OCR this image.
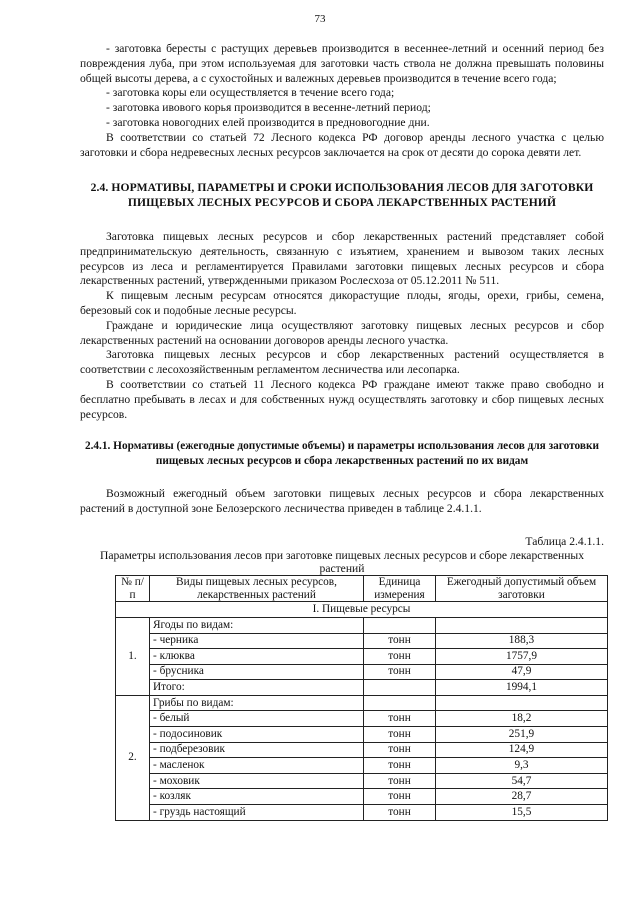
73

- заготовка бересты с растущих деревьев производится в весеннее-летний и осенний период без повреждения луба, при этом используемая для заготовки часть ствола не должна превышать половины общей высоты дерева, а с сухостойных и валежных деревьев производится в течение всего года;

- заготовка коры ели осуществляется в течение всего года;

- заготовка ивового корья производится в весенне-летний период;

- заготовка новогодних елей производится в предновогодние дни.

В соответствии со статьей 72 Лесного кодекса РФ договор аренды лесного участка с целью заготовки и сбора недревесных лесных ресурсов заключается на срок от десяти до сорока девяти лет.

2.4. НОРМАТИВЫ, ПАРАМЕТРЫ И СРОКИ ИСПОЛЬЗОВАНИЯ ЛЕСОВ ДЛЯ ЗАГОТОВКИ ПИЩЕВЫХ ЛЕСНЫХ РЕСУРСОВ И СБОРА ЛЕКАРСТВЕННЫХ РАСТЕНИЙ

Заготовка пищевых лесных ресурсов и сбор лекарственных растений представляет собой предпринимательскую деятельность, связанную с изъятием, хранением и вывозом таких лесных ресурсов из леса и регламентируется Правилами заготовки пищевых лесных ресурсов и сбора лекарственных растений, утвержденными приказом Рослесхоза от 05.12.2011 № 511.

К пищевым лесным ресурсам относятся дикорастущие плоды, ягоды, орехи, грибы, семена, березовый сок и подобные лесные ресурсы.

Граждане и юридические лица осуществляют заготовку пищевых лесных ресурсов и сбор лекарственных растений на основании договоров аренды лесного участка.

Заготовка пищевых лесных ресурсов и сбор лекарственных растений осуществляется в соответствии с лесохозяйственным регламентом лесничества или лесопарка.

В соответствии со статьей 11 Лесного кодекса РФ граждане имеют также право свободно и бесплатно пребывать в лесах и для собственных нужд осуществлять заготовку и сбор пищевых лесных ресурсов.

2.4.1. Нормативы (ежегодные допустимые объемы) и параметры использования лесов для заготовки пищевых лесных ресурсов и сбора лекарственных растений по их видам

Возможный ежегодный объем заготовки пищевых лесных ресурсов и сбора лекарственных растений в доступной зоне Белозерского лесничества приведен в таблице 2.4.1.1.

Таблица 2.4.1.1.

Параметры использования лесов при заготовке пищевых лесных ресурсов и сборе лекарственных растений

№ п/п	Виды пищевых лесных ресурсов, лекарственных растений	Единица измерения	Ежегодный допустимый объем заготовки
I. Пищевые ресурсы			
1.	Ягоды по видам:		
	- черника	тонн	188,3
	- клюква	тонн	1757,9
	- брусника	тонн	47,9
	Итого:		1994,1
2.	Грибы по видам:		
	- белый	тонн	18,2
	- подосиновик	тонн	251,9
	- подберезовик	тонн	124,9
	- масленок	тонн	9,3
	- моховик	тонн	54,7
	- козляк	тонн	28,7
	- груздь настоящий	тонн	15,5
